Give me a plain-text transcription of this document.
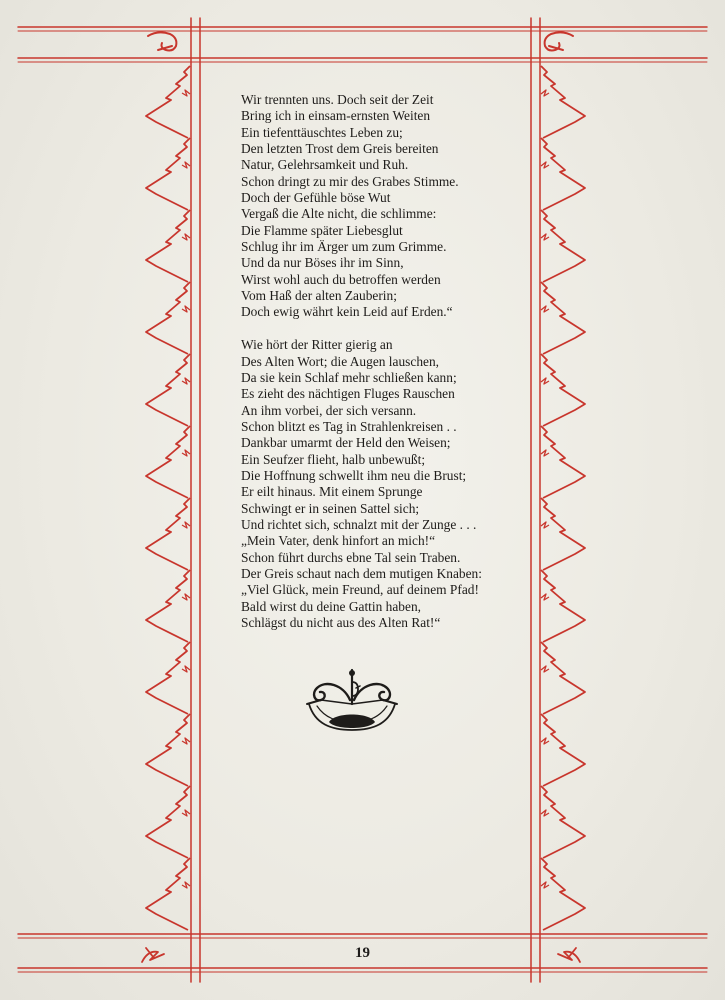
Wir trennten uns. Doch seit der Zeit
Bring ich in einsam-ernsten Weiten
Ein tiefenttäuschtes Leben zu;
Den letzten Trost dem Greis bereiten
Natur, Gelehrsamkeit und Ruh.
Schon dringt zu mir des Grabes Stimme.
Doch der Gefühle böse Wut
Vergaß die Alte nicht, die schlimme:
Die Flamme später Liebesglut
Schlug ihr im Ärger um zum Grimme.
Und da nur Böses ihr im Sinn,
Wirst wohl auch du betroffen werden
Vom Haß der alten Zauberin;
Doch ewig währt kein Leid auf Erden.“
Wie hört der Ritter gierig an
Des Alten Wort; die Augen lauschen,
Da sie kein Schlaf mehr schließen kann;
Es zieht des nächtigen Fluges Rauschen
An ihm vorbei, der sich versann.
Schon blitzt es Tag in Strahlenkreisen . .
Dankbar umarmt der Held den Weisen;
Ein Seufzer flieht, halb unbewußt;
Die Hoffnung schwellt ihm neu die Brust;
Er eilt hinaus. Mit einem Sprunge
Schwingt er in seinen Sattel sich;
Und richtet sich, schnalzt mit der Zunge . . .
„Mein Vater, denk hinfort an mich!“
Schon führt durchs ebne Tal sein Traben.
Der Greis schaut nach dem mutigen Knaben:
„Viel Glück, mein Freund, auf deinem Pfad!
Bald wirst du deine Gattin haben,
Schlägst du nicht aus des Alten Rat!“
19
